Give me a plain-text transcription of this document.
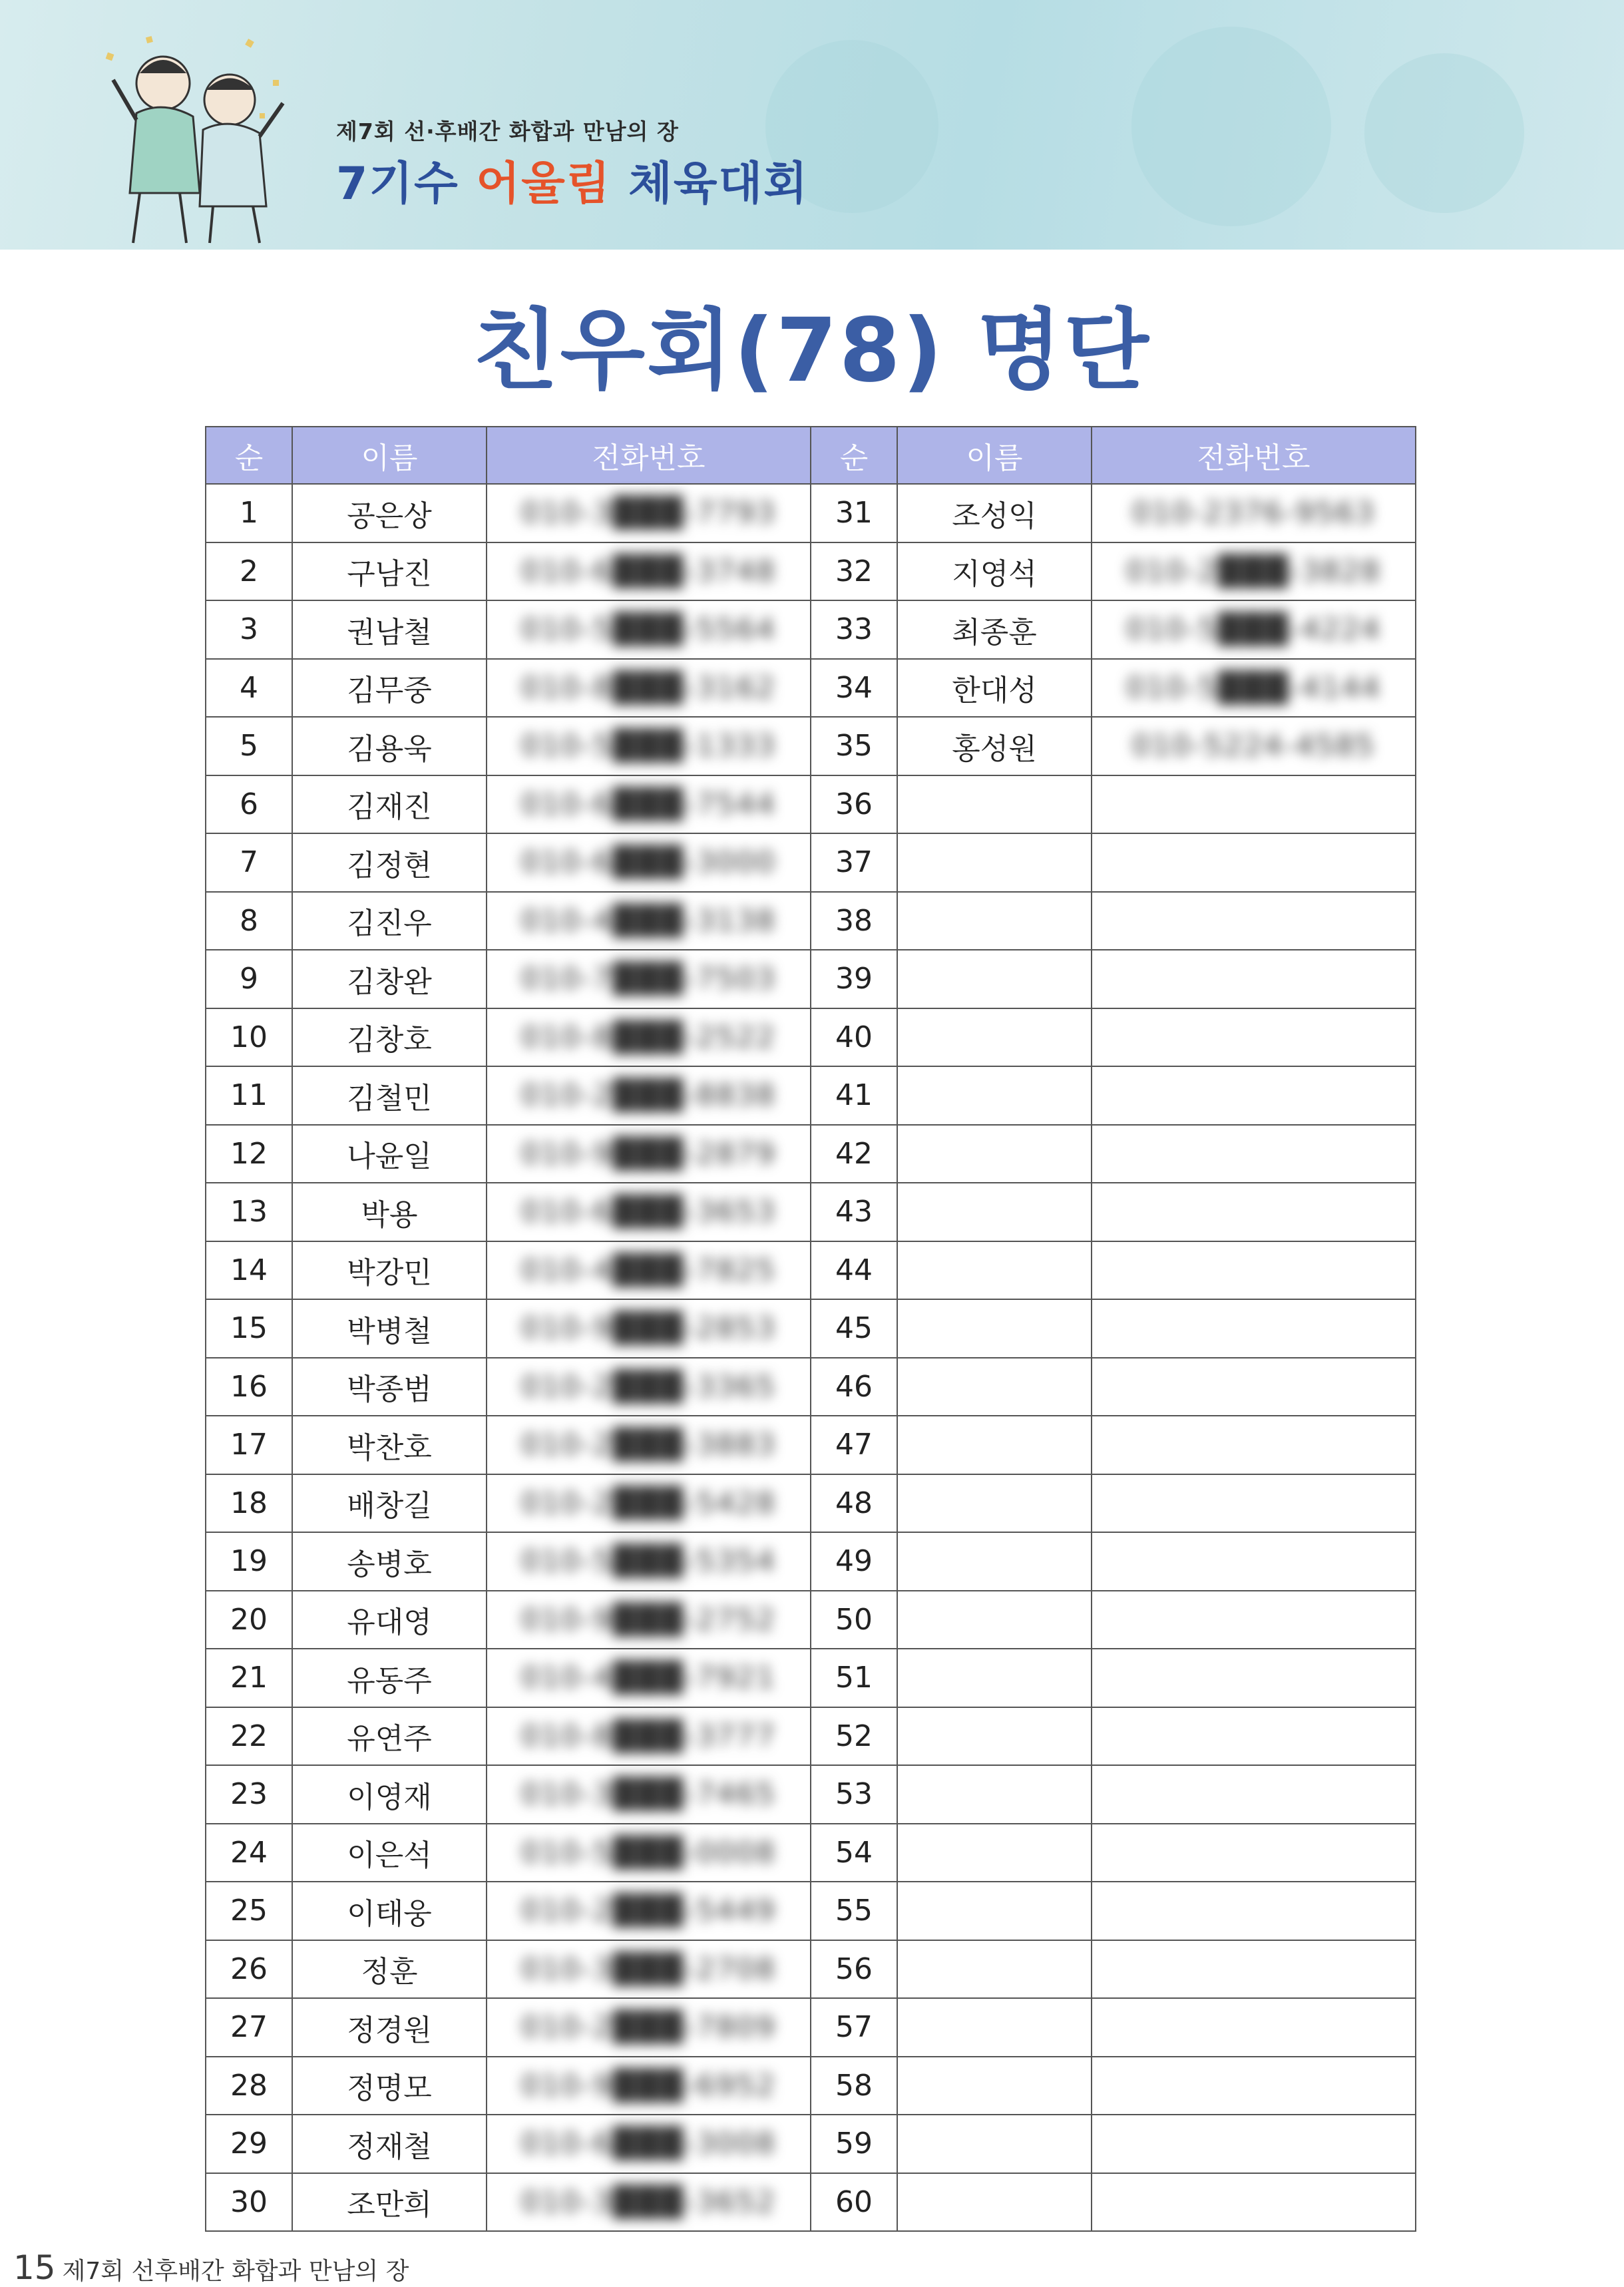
제7회 선·후배간 화합과 만남의 장
7기수 어울림 체육대회
친우회(78) 명단
순	이름	전화번호	순	이름	전화번호
1	공은상	010-3███-7793	31	조성익	010-2376-9563
2	구남진	010-6███-3748	32	지영석	010-2███-3828
3	권남철	010-5███-5564	33	최종훈	010-5███-4224
4	김무중	010-8███-3162	34	한대성	010-5███-4144
5	김용욱	010-5███-1333	35	홍성원	010-5224-4585
6	김재진	010-6███-7544	36		
7	김정현	010-6███-3000	37		
8	김진우	010-4███-3138	38		
9	김창완	010-7███-7503	39		
10	김창호	010-8███-2522	40		
11	김철민	010-2███-8838	41		
12	나윤일	010-9███-2879	42		
13	박용	010-6███-3653	43		
14	박강민	010-4███-7825	44		
15	박병철	010-9███-2853	45		
16	박종범	010-2███-3365	46		
17	박찬호	010-2███-3883	47		
18	배창길	010-2███-5428	48		
19	송병호	010-5███-5354	49		
20	유대영	010-9███-2752	50		
21	유동주	010-4███-7921	51		
22	유연주	010-8███-3777	52		
23	이영재	010-3███-7465	53		
24	이은석	010-5███-0008	54		
25	이태웅	010-2███-5449	55		
26	정훈	010-3███-2708	56		
27	정경원	010-2███-7809	57		
28	정명모	010-9███-6952	58		
29	정재철	010-6███-3008	59		
30	조만희	010-3███-3652	60		
15 제7회 선후배간 화합과 만남의 장
